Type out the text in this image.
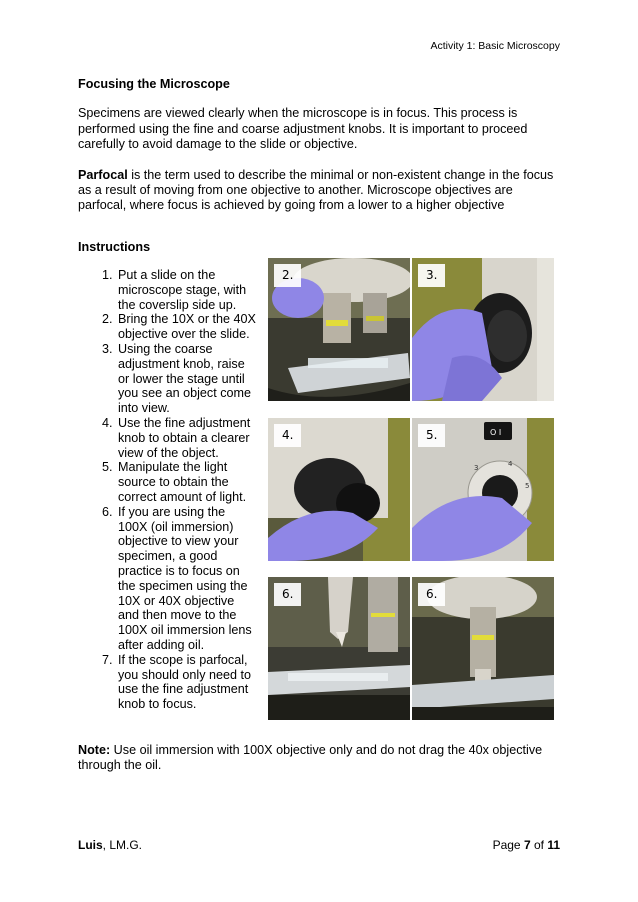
Activity 1: Basic Microscopy
Focusing the Microscope

Specimens are viewed clearly when the microscope is in focus. This process is performed using the fine and coarse adjustment knobs. It is important to proceed carefully to avoid damage to the slide or objective.

Parfocal is the term used to describe the minimal or non-existent change in the focus as a result of moving from one objective to another. Microscope objectives are parfocal, where focus is achieved by going from a lower to a higher objective

Instructions
1. Put a slide on the microscope stage, with the coverslip side up.
2. Bring the 10X or the 40X objective over the slide.
3. Using the coarse adjustment knob, raise or lower the stage until you see an object come into view.
4. Use the fine adjustment knob to obtain a clearer view of the object.
5. Manipulate the light source to obtain the correct amount of light.
6. If you are using the 100X (oil immersion) objective to view your specimen, a good practice is to focus on the specimen using the 10X or 40X objective and then move to the 100X oil immersion lens after adding oil.
7. If the scope is parfocal, you should only need to use the fine adjustment knob to focus.
2.	3.
4.	O I
3	4
5
5.
6.	6.
Note: Use oil immersion with 100X objective only and do not drag the 40x objective through the oil.
Luis, LM.G.	Page 7 of 11
